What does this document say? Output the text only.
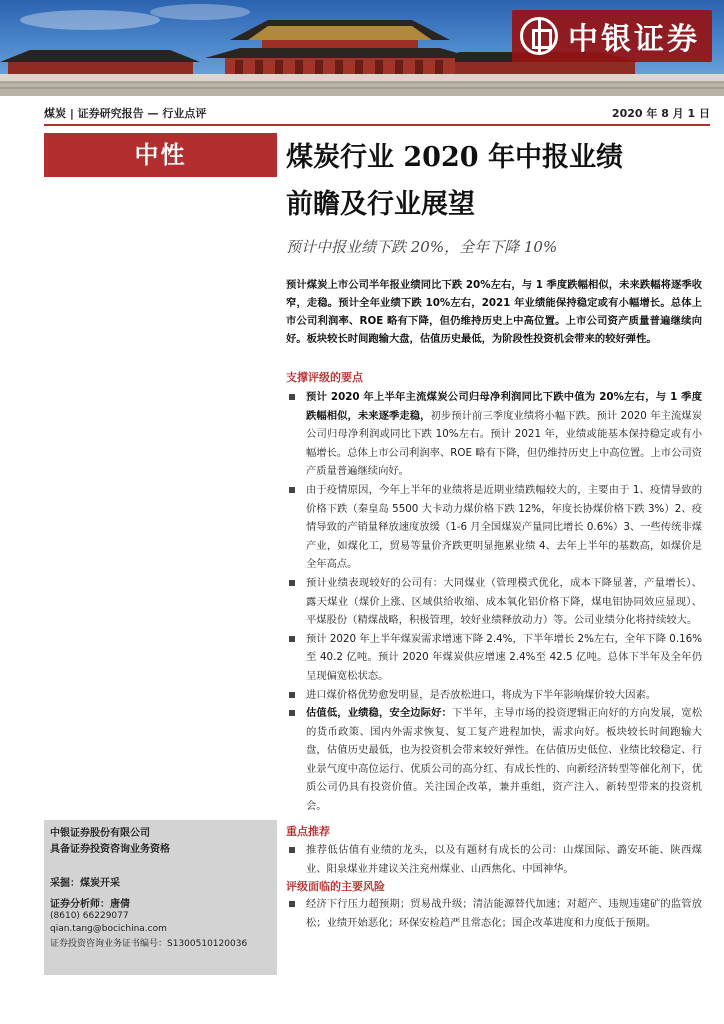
中银证券
煤炭 | 证券研究报告 — 行业点评	2020 年 8 月 1 日
中性	煤炭行业 2020 年中报业绩
前瞻及行业展望
预计中报业绩下跌 20%，全年下降 10%
预计煤炭上市公司半年报业绩同比下跌 20%左右，与 1 季度跌幅相似，未来跌幅将逐季收窄，走稳。预计全年业绩下跌 10%左右，2021 年业绩能保持稳定或有小幅增长。总体上市公司利润率、ROE 略有下降，但仍维持历史上中高位置。上市公司资产质量普遍继续向好。板块较长时间跑输大盘，估值历史最低，为阶段性投资机会带来的较好弹性。
支撑评级的要点
预计 2020 年上半年主流煤炭公司归母净利润同比下跌中值为 20%左右，与 1 季度跌幅相似，未来逐季走稳，初步预计前三季度业绩将小幅下跌。预计 2020 年主流煤炭公司归母净利润或同比下跌 10%左右。预计 2021 年，业绩或能基本保持稳定或有小幅增长。总体上市公司利润率、ROE 略有下降，但仍维持历史上中高位置。上市公司资产质量普遍继续向好。
由于疫情原因，今年上半年的业绩将是近期业绩跌幅较大的，主要由于 1、疫情导致的价格下跌（秦皇岛 5500 大卡动力煤价格下跌 12%，年度长协煤价格下跌 3%）2、疫情导致的产销量释放速度放缓（1-6 月全国煤炭产量同比增长 0.6%）3、一些传统非煤产业，如煤化工，贸易等量价齐跌更明显拖累业绩 4、去年上半年的基数高，如煤价是全年高点。
预计业绩表现较好的公司有：大同煤业（管理模式优化，成本下降显著，产量增长）、露天煤业（煤价上涨、区域供给收缩、成本氧化铝价格下降，煤电铝协同效应显现）、平煤股份（精煤战略，积极管理，较好业绩释放动力）等。公司业绩分化将持续较大。
预计 2020 年上半年煤炭需求增速下降 2.4%，下半年增长 2%左右，全年下降 0.16%至 40.2 亿吨。预计 2020 年煤炭供应增速 2.4%至 42.5 亿吨。总体下半年及全年仍呈现偏宽松状态。
进口煤价格优势愈发明显，是否放松进口，将成为下半年影响煤价较大因素。
估值低，业绩稳，安全边际好：下半年，主导市场的投资逻辑正向好的方向发展，宽松的货币政策、国内外需求恢复、复工复产进程加快，需求向好。板块较长时间跑输大盘，估值历史最低，也为投资机会带来较好弹性。在估值历史低位、业绩比较稳定、行业景气度中高位运行、优质公司的高分红、有成长性的、向新经济转型等催化剂下，优质公司仍具有投资价值。关注国企改革，兼并重组，资产注入、新转型带来的投资机会。
重点推荐
推荐低估值有业绩的龙头，以及有题材有成长的公司：山煤国际、潞安环能、陕西煤业、阳泉煤业并建议关注兖州煤业、山西焦化、中国神华。
评级面临的主要风险
经济下行压力超预期；贸易战升级；清洁能源替代加速；对超产、违规违建矿的监管放松；业绩开始恶化；环保安检趋严且常态化；国企改革进度和力度低于预期。
中银证券股份有限公司
具备证券投资咨询业务资格
采掘：煤炭开采
证券分析师：唐倩
(8610) 66229077
qian.tang@bocichina.com
证券投资咨询业务证书编号：S1300510120036
